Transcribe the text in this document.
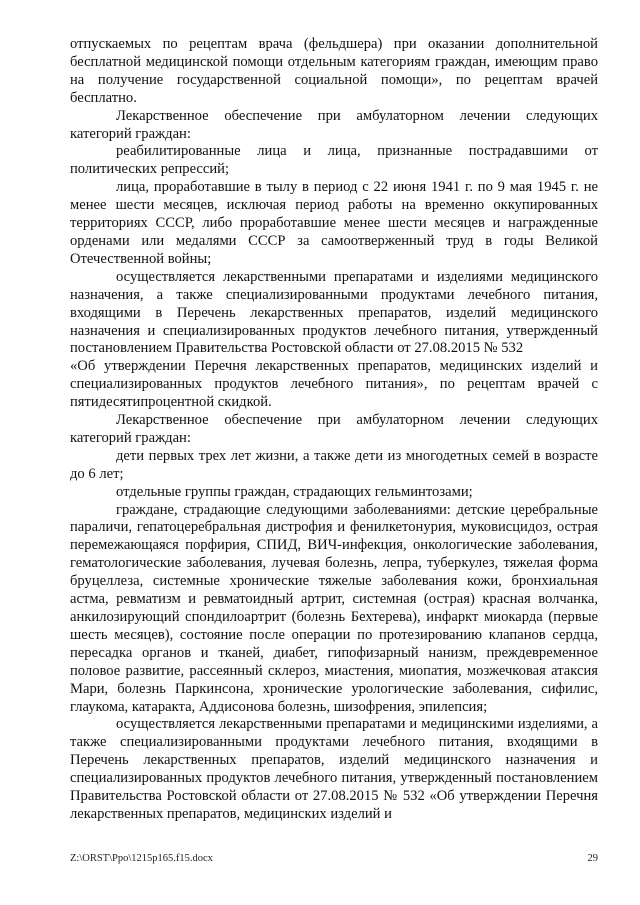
отпускаемых по рецептам врача (фельдшера) при оказании дополнительной бесплатной медицинской помощи отдельным категориям граждан, имеющим право на получение государственной социальной помощи», по рецептам врачей бесплатно.

Лекарственное обеспечение при амбулаторном лечении следующих категорий граждан:

реабилитированные лица и лица, признанные пострадавшими от политических репрессий;

лица, проработавшие в тылу в период с 22 июня 1941 г. по 9 мая 1945 г. не менее шести месяцев, исключая период работы на временно оккупированных территориях СССР, либо проработавшие менее шести месяцев и награжденные орденами или медалями СССР за самоотверженный труд в годы Великой Отечественной войны;

осуществляется лекарственными препаратами и изделиями медицинского назначения, а также специализированными продуктами лечебного питания, входящими в Перечень лекарственных препаратов, изделий медицинского назначения и специализированных продуктов лечебного питания, утвержденный постановлением Правительства Ростовской области от 27.08.2015 № 532

«Об утверждении Перечня лекарственных препаратов, медицинских изделий и специализированных продуктов лечебного питания», по рецептам врачей с пятидесятипроцентной скидкой.

Лекарственное обеспечение при амбулаторном лечении следующих категорий граждан:

дети первых трех лет жизни, а также дети из многодетных семей в возрасте до 6 лет;

отдельные группы граждан, страдающих гельминтозами;

граждане, страдающие следующими заболеваниями: детские церебральные параличи, гепатоцеребральная дистрофия и фенилкетонурия, муковисцидоз, острая перемежающаяся порфирия, СПИД, ВИЧ-инфекция, онкологические заболевания, гематологические заболевания, лучевая болезнь, лепра, туберкулез, тяжелая форма бруцеллеза, системные хронические тяжелые заболевания кожи, бронхиальная астма, ревматизм и ревматоидный артрит, системная (острая) красная волчанка, анкилозирующий спондилоартрит (болезнь Бехтерева), инфаркт миокарда (первые шесть месяцев), состояние после операции по протезированию клапанов сердца, пересадка органов и тканей, диабет, гипофизарный нанизм, преждевременное половое развитие, рассеянный склероз, миастения, миопатия, мозжечковая атаксия Мари, болезнь Паркинсона, хронические урологические заболевания, сифилис, глаукома, катаракта, Аддисонова болезнь, шизофрения, эпилепсия;

осуществляется лекарственными препаратами и медицинскими изделиями, а также специализированными продуктами лечебного питания, входящими в Перечень лекарственных препаратов, изделий медицинского назначения и специализированных продуктов лечебного питания, утвержденный постановлением Правительства Ростовской области от 27.08.2015 № 532 «Об утверждении Перечня лекарственных препаратов, медицинских изделий и

Z:\ORST\Ppo\1215p165.f15.docx	29
